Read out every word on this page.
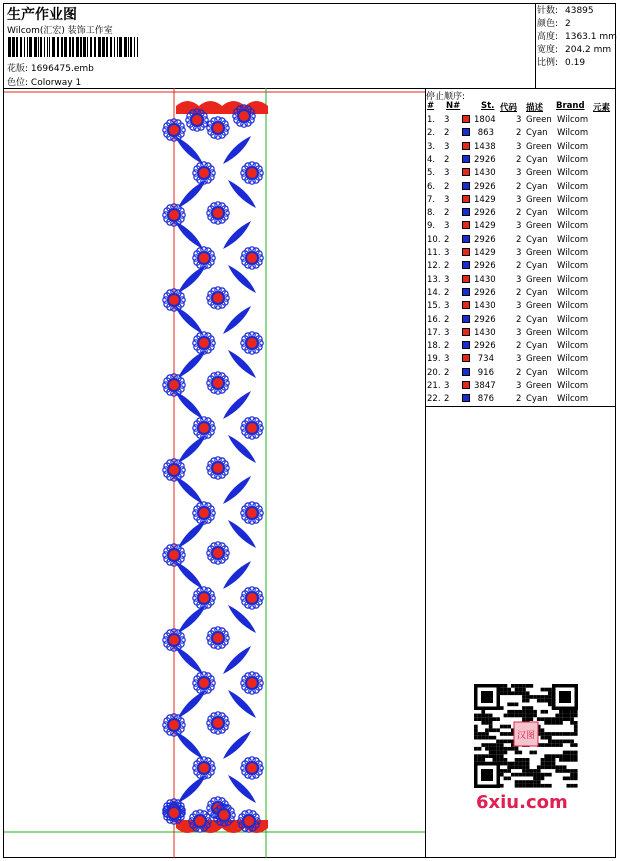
生产作业图
Wilcom(汇宏) 装饰工作室
花版: 1696475.emb
色位: Colorway 1
针数: 43895
颜色: 2
高度: 1363.1 mm
宽度: 204.2 mm
比例: 0.19
停止顺序:
# N# St. 代码 描述 Brand 元素
1. 3	1804 3 Green Wilcom
2. 2	863	2 Cyan Wilcom
3. 3	1438 3 Green Wilcom
4. 2	2926 2 Cyan Wilcom
5. 3	1430 3 Green Wilcom
6. 2	2926 2 Cyan Wilcom
7. 3	1429 3 Green Wilcom
8. 2	2926 2 Cyan Wilcom
9. 3	1429 3 Green Wilcom
10. 2	2926 2 Cyan Wilcom
11. 3	1429 3 Green Wilcom
12. 2	2926 2 Cyan Wilcom
13. 3	1430 3 Green Wilcom
14. 2	2926 2 Cyan Wilcom
15. 3	1430 3 Green Wilcom
16. 2	2926 2 Cyan Wilcom
17. 3	1430 3 Green Wilcom
18. 2	2926 2 Cyan Wilcom
19. 3	734	3 Green Wilcom
20. 2	916	2 Cyan Wilcom
21. 3	3847 3 Green Wilcom
22. 2	876	2 Cyan Wilcom
汉图
6xiu.com
